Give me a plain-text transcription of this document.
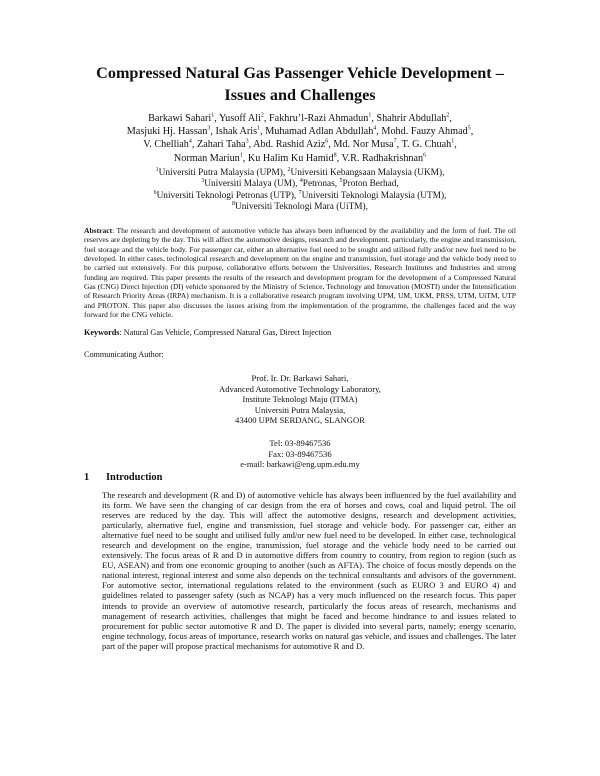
Compressed Natural Gas Passenger Vehicle Development –
Issues and Challenges
Barkawi Sahari$^1$, Yusoff Ali$^2$, Fakhru’l-Razi Ahmadun$^1$, Shahrir Abdullah$^2$,
Masjuki Hj. Hassan$^3$, Ishak Aris$^1$, Muhamad Adlan Abdullah$^4$, Mohd. Fauzy Ahmad$^5$,
V. Chelliah$^4$, Zahari Taha$^3$, Abd. Rashid Aziz$^6$, Md. Nor Musa$^7$, T. G. Chuah$^1$,
Norman Mariun$^1$, Ku Halim Ku Hamid$^8$, V.R. Radhakrishnan$^6$
$^1$Universiti Putra Malaysia (UPM), $^2$Universiti Kebangsaan Malaysia (UKM),
$^3$Universiti Malaya (UM), $^4$Petronas, $^5$Proton Berhad,
$^6$Universiti Teknologi Petronas (UTP), $^7$Universiti Teknologi Malaysia (UTM),
$^8$Universiti Teknologi Mara (UiTM),
Abstract: The research and development of automotive vehicle has always been influenced by the availability and the form of fuel. The oil reserves are depleting by the day. This will affect the automotive designs, research and development. particularly, the engine and transmission, fuel storage and the vehicle body. For passenger car, either an alternative fuel need to be sought and utilised fully and/or new fuel need to be developed. In either cases, technological research and development on the engine and transmission, fuel storage and the vehicle body need to be carried out extensively. For this purpose, collaborative efforts between the Universities, Research Institutes and Industries and strong funding are required. This paper presents the results of the research and development program for the development of a Compressed Natural Gas (CNG) Direct Injection (DI) vehicle sponsored by the Ministry of Science, Technology and Innovation (MOSTI) under the Intensification of Research Priority Areas (IRPA) mechanism. It is a collaborative research program involving UPM, UM, UKM, PRSS, UTM, UiTM, UTP and PROTON. This paper also discusses the issues arising from the implementation of the programme, the challenges faced and the way forward for the CNG vehicle.
Keywords: Natural Gas Vehicle, Compressed Natural Gas, Direct Injection
Communicating Author:
Prof. Ir. Dr. Barkawi Sahari,
Advanced Automotive Technology Laboratory,
Institute Teknologi Maju (ITMA)
Universiti Putra Malaysia,
43400 UPM SERDANG, SLANGOR
Tel: 03-89467536
Fax: 03-89467536
e-mail: barkawi@eng.upm.edu.my
1 Introduction
The research and development (R and D) of automotive vehicle has always been influenced by the fuel availability and its form. We have seen the changing of car design from the era of horses and cows, coal and liquid petrol. The oil reserves are reduced by the day. This will affect the automotive designs, research and development activities, particularly, alternative fuel, engine and transmission, fuel storage and vehicle body. For passenger car, either an alternative fuel need to be sought and utilised fully and/or new fuel need to be developed. In either case, technological research and development on the engine, transmission, fuel storage and the vehicle body need to be carried out extensively. The focus areas of R and D in automotive differs from country to country, from region to region (such as EU, ASEAN) and from one economic grouping to another (such as AFTA). The choice of focus mostly depends on the national interest, regional interest and some also depends on the technical consultants and advisors of the government. For automotive sector, international regulations related to the environment (such as EURO 3 and EURO 4) and guidelines related to passenger safety (such as NCAP) has a very much influenced on the research focus. This paper intends to provide an overview of automotive research, particularly the focus areas of research, mechanisms and management of research activities, challenges that might be faced and become hindrance to and issues related to procurement for public sector automotive R and D. The paper is divided into several parts, namely; energy scenario, engine technology, focus areas of importance, research works on natural gas vehicle, and issues and challenges. The later part of the paper will propose practical mechanisms for automotive R and D.
